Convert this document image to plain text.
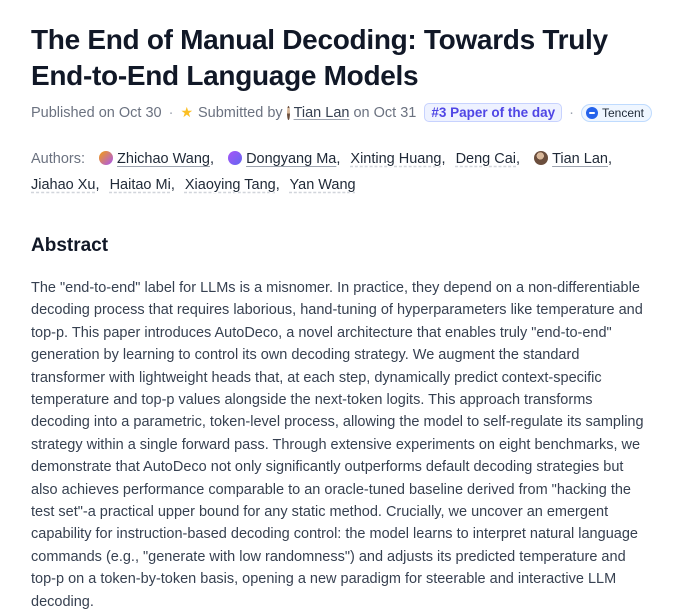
The End of Manual Decoding: Towards Truly End-to-End Language Models
Published on Oct 30 · ★ Submitted by Tian Lan on Oct 31	#3 Paper of the day · Tencent
Authors: Zhichao Wang, Dongyang Ma, Xinting Huang, Deng Cai, Tian Lan, Jiahao Xu, Haitao Mi, Xiaoying Tang, Yan Wang
Abstract

The "end-to-end" label for LLMs is a misnomer. In practice, they depend on a non-differentiable decoding process that requires laborious, hand-tuning of hyperparameters like temperature and top-p. This paper introduces AutoDeco, a novel architecture that enables truly "end-to-end" generation by learning to control its own decoding strategy. We augment the standard transformer with lightweight heads that, at each step, dynamically predict context-specific temperature and top-p values alongside the next-token logits. This approach transforms decoding into a parametric, token-level process, allowing the model to self-regulate its sampling strategy within a single forward pass. Through extensive experiments on eight benchmarks, we demonstrate that AutoDeco not only significantly outperforms default decoding strategies but also achieves performance comparable to an oracle-tuned baseline derived from "hacking the test set"-a practical upper bound for any static method. Crucially, we uncover an emergent capability for instruction-based decoding control: the model learns to interpret natural language commands (e.g., "generate with low randomness") and adjusts its predicted temperature and top-p on a token-by-token basis, opening a new paradigm for steerable and interactive LLM decoding.
